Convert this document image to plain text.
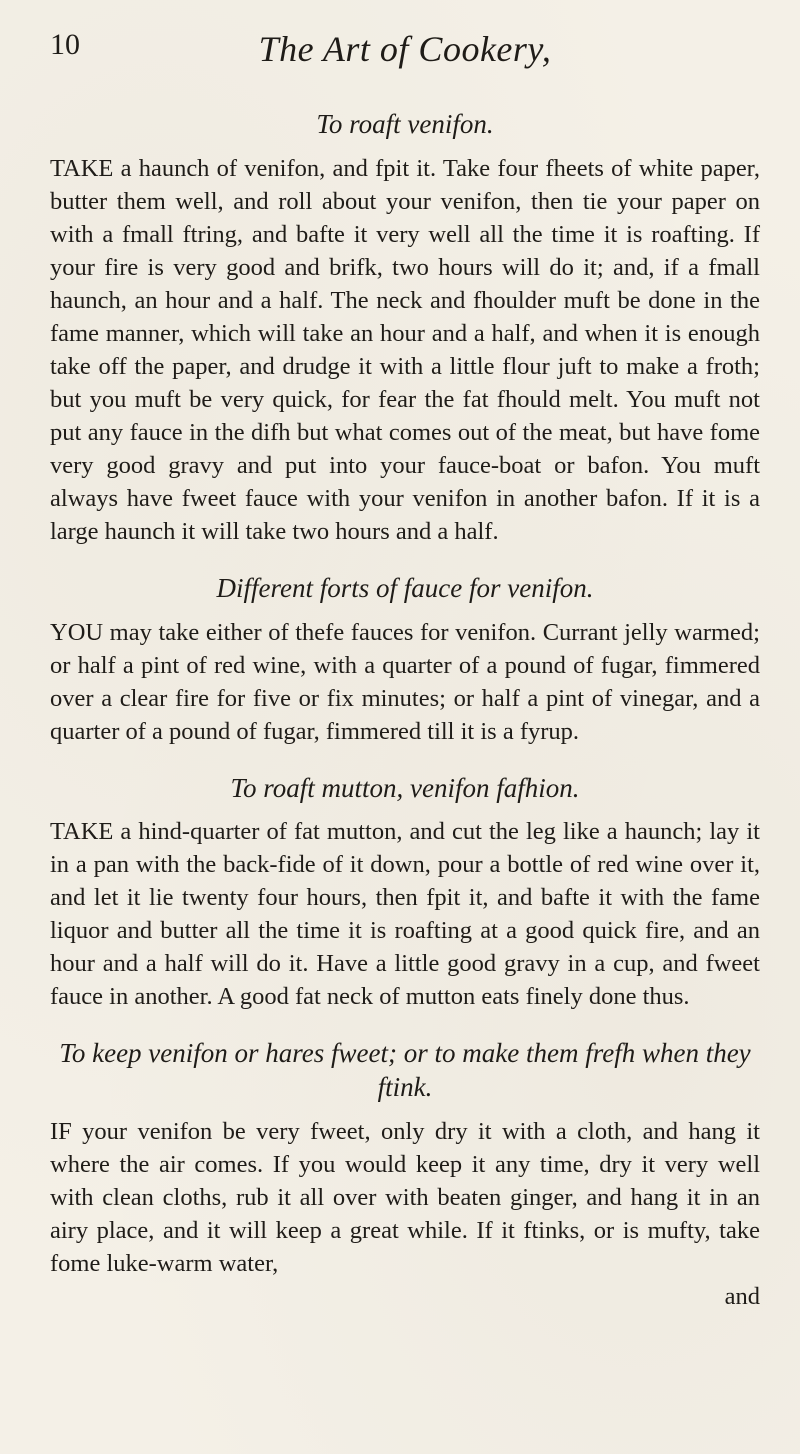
10	The Art of Cookery,
To roaft venifon.

TAKE a haunch of venifon, and fpit it. Take four fheets of white paper, butter them well, and roll about your venifon, then tie your paper on with a fmall ftring, and bafte it very well all the time it is roafting. If your fire is very good and brifk, two hours will do it; and, if a fmall haunch, an hour and a half. The neck and fhoulder muft be done in the fame manner, which will take an hour and a half, and when it is enough take off the paper, and drudge it with a little flour juft to make a froth; but you muft be very quick, for fear the fat fhould melt. You muft not put any fauce in the difh but what comes out of the meat, but have fome very good gravy and put into your fauce-boat or bafon. You muft always have fweet fauce with your venifon in another bafon. If it is a large haunch it will take two hours and a half.

Different forts of fauce for venifon.

YOU may take either of thefe fauces for venifon. Currant jelly warmed; or half a pint of red wine, with a quarter of a pound of fugar, fimmered over a clear fire for five or fix minutes; or half a pint of vinegar, and a quarter of a pound of fugar, fimmered till it is a fyrup.

To roaft mutton, venifon fafhion.

TAKE a hind-quarter of fat mutton, and cut the leg like a haunch; lay it in a pan with the back-fide of it down, pour a bottle of red wine over it, and let it lie twenty four hours, then fpit it, and bafte it with the fame liquor and butter all the time it is roafting at a good quick fire, and an hour and a half will do it. Have a little good gravy in a cup, and fweet fauce in another. A good fat neck of mutton eats finely done thus.

To keep venifon or hares fweet; or to make them frefh when they ftink.

IF your venifon be very fweet, only dry it with a cloth, and hang it where the air comes. If you would keep it any time, dry it very well with clean cloths, rub it all over with beaten ginger, and hang it in an airy place, and it will keep a great while. If it ftinks, or is mufty, take fome luke-warm water,

and
